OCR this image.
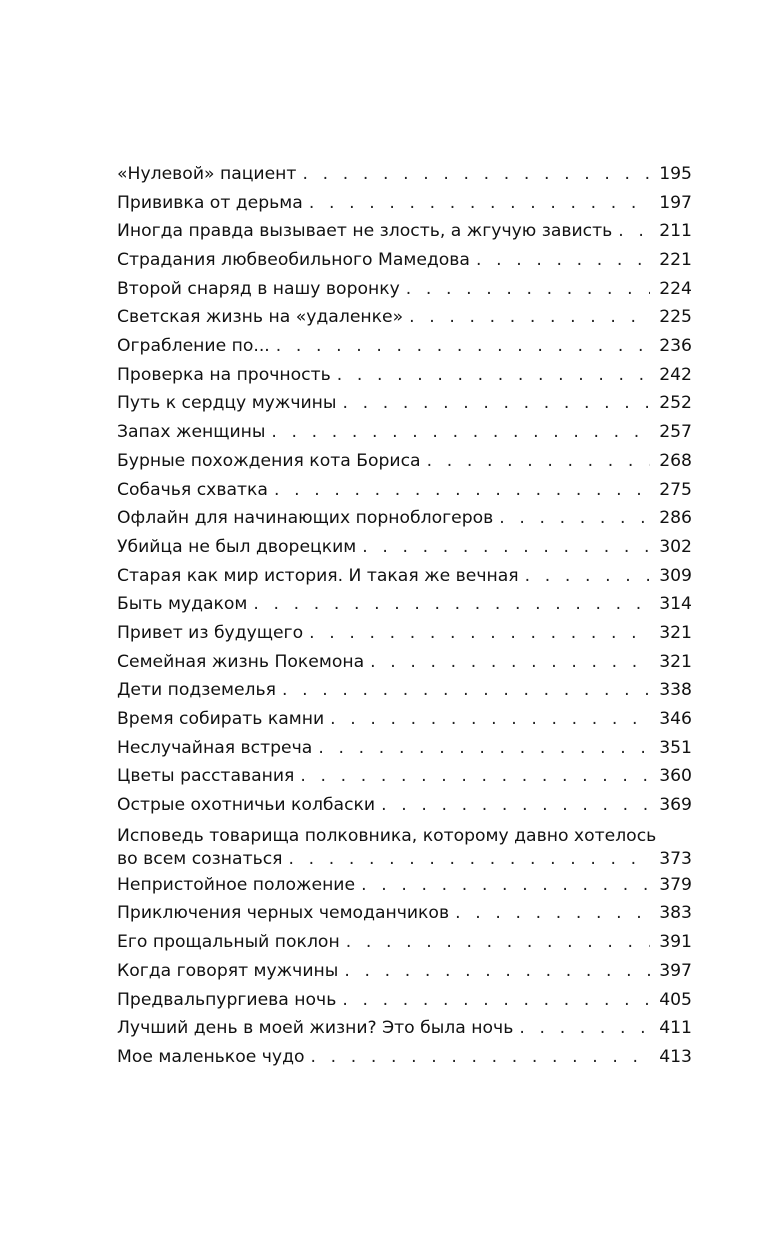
«Нулевой» пациент . . .	195
Прививка от дерьма . . .	197
Иногда правда вызывает не злость, а жгучую зависть . . .	211
Страдания любвеобильного Мамедова . . .	221
Второй снаряд в нашу воронку . . .	224
Светская жизнь на «удаленке» . . .	225
Ограбление по... . . .	236
Проверка на прочность . . .	242
Путь к сердцу мужчины . . .	252
Запах женщины . . .	257
Бурные похождения кота Бориса . . .	268
Собачья схватка . . .	275
Офлайн для начинающих порноблогеров . . .	286
Убийца не был дворецким . . .	302
Старая как мир история. И такая же вечная . . .	309
Быть мудаком . . .	314
Привет из будущего . . .	321
Семейная жизнь Покемона . . .	321
Дети подземелья . . .	338
Время собирать камни . . .	346
Неслучайная встреча . . .	351
Цветы расставания . . .	360
Острые охотничьи колбаски . . .	369
Исповедь товарища полковника, которому давно хотелось
во всем сознаться . . .	373
Непристойное положение . . .	379
Приключения черных чемоданчиков . . .	383
Его прощальный поклон . . .	391
Когда говорят мужчины . . .	397
Предвальпургиева ночь . . .	405
Лучший день в моей жизни? Это была ночь . . .	411
Мое маленькое чудо . . .	413
